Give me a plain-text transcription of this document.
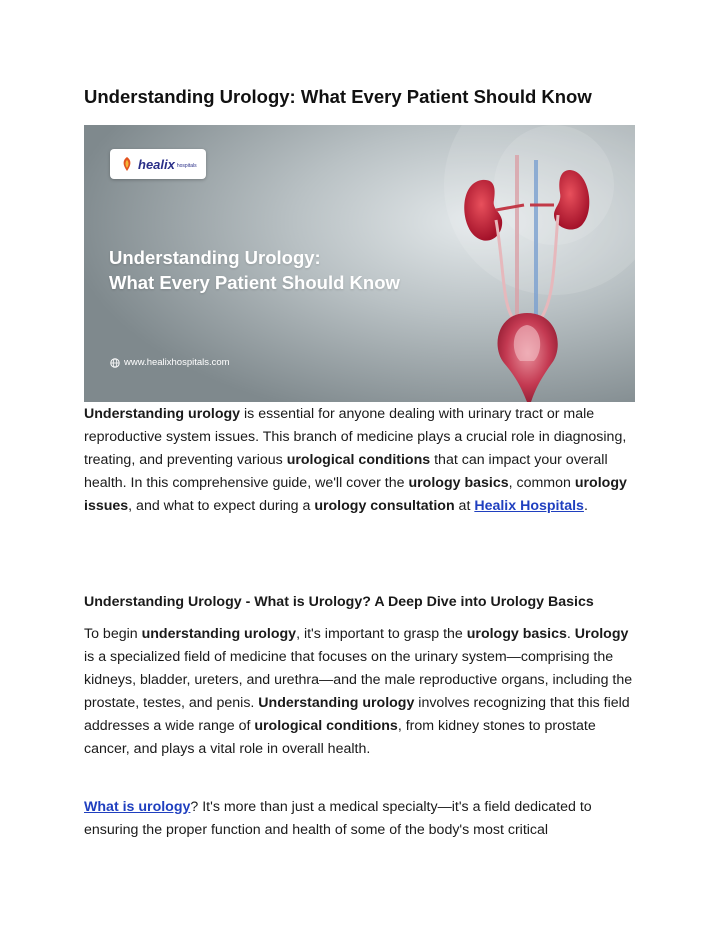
Understanding Urology: What Every Patient Should Know
healix hospitals
Understanding Urology:
What Every Patient Should Know
www.healixhospitals.com

Understanding urology is essential for anyone dealing with urinary tract or male reproductive system issues. This branch of medicine plays a crucial role in diagnosing, treating, and preventing various urological conditions that can impact your overall health. In this comprehensive guide, we'll cover the urology basics, common urology issues, and what to expect during a urology consultation at Healix Hospitals.

Understanding Urology - What is Urology? A Deep Dive into Urology Basics

To begin understanding urology, it's important to grasp the urology basics. Urology is a specialized field of medicine that focuses on the urinary system—comprising the kidneys, bladder, ureters, and urethra—and the male reproductive organs, including the prostate, testes, and penis. Understanding urology involves recognizing that this field addresses a wide range of urological conditions, from kidney stones to prostate cancer, and plays a vital role in overall health.

What is urology? It's more than just a medical specialty—it's a field dedicated to ensuring the proper function and health of some of the body's most critical
